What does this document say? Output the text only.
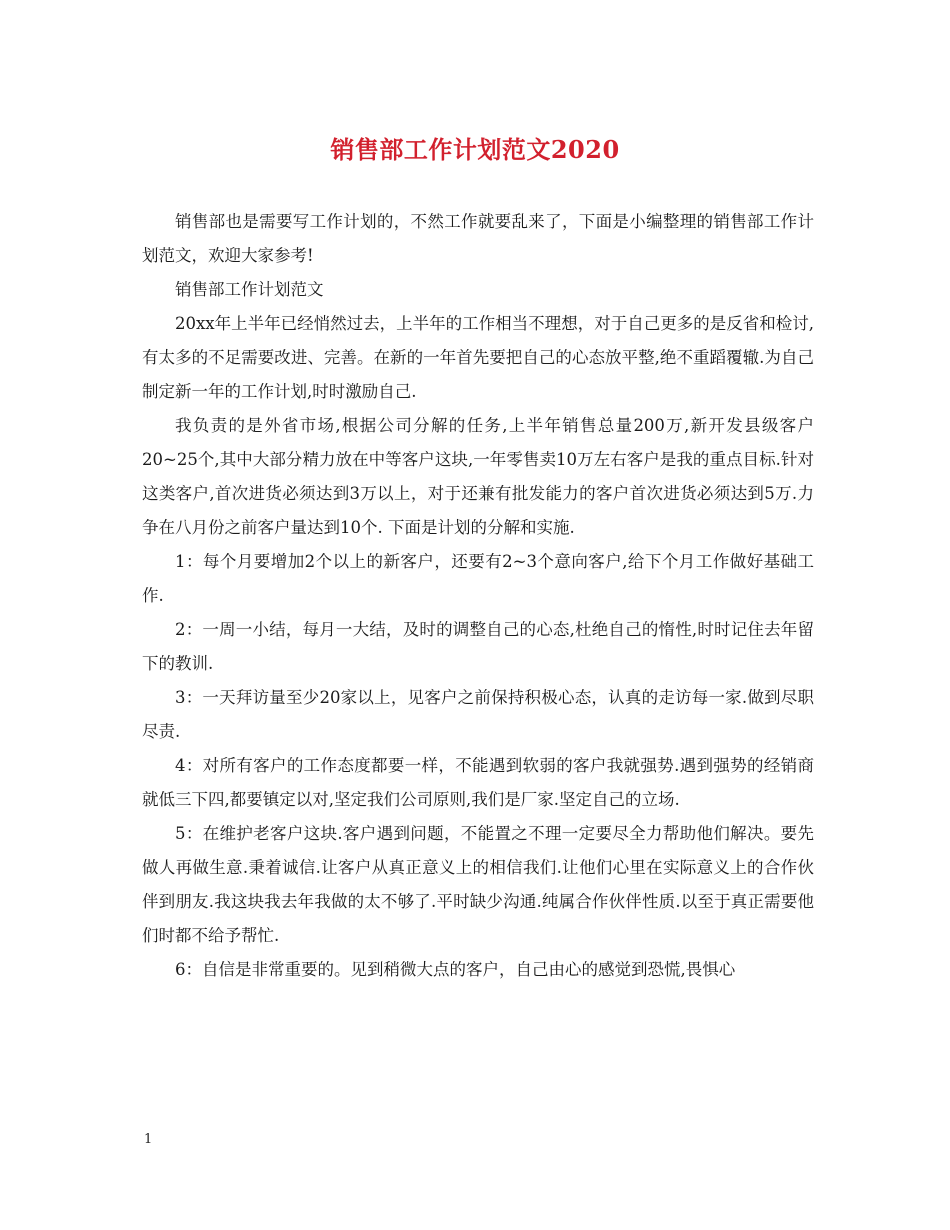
销售部工作计划范文2020

销售部也是需要写工作计划的，不然工作就要乱来了，下面是小编整理的销售部工作计划范文，欢迎大家参考!

销售部工作计划范文

20xx年上半年已经悄然过去，上半年的工作相当不理想，对于自己更多的是反省和检讨,有太多的不足需要改进、完善。在新的一年首先要把自己的心态放平整,绝不重蹈覆辙.为自己制定新一年的工作计划,时时激励自己.

我负责的是外省市场,根据公司分解的任务,上半年销售总量200万,新开发县级客户20~25个,其中大部分精力放在中等客户这块,一年零售卖10万左右客户是我的重点目标.针对这类客户,首次进货必须达到3万以上，对于还兼有批发能力的客户首次进货必须达到5万.力争在八月份之前客户量达到10个. 下面是计划的分解和实施.

1：每个月要增加2个以上的新客户，还要有2~3个意向客户,给下个月工作做好基础工作.

2：一周一小结，每月一大结，及时的调整自己的心态,杜绝自己的惰性,时时记住去年留下的教训.

3：一天拜访量至少20家以上，见客户之前保持积极心态，认真的走访每一家.做到尽职尽责.

4：对所有客户的工作态度都要一样，不能遇到软弱的客户我就强势.遇到强势的经销商就低三下四,都要镇定以对,坚定我们公司原则,我们是厂家.坚定自己的立场.

5：在维护老客户这块.客户遇到问题，不能置之不理一定要尽全力帮助他们解决。要先做人再做生意.秉着诚信.让客户从真正意义上的相信我们.让他们心里在实际意义上的合作伙伴到朋友.我这块我去年我做的太不够了.平时缺少沟通.纯属合作伙伴性质.以至于真正需要他们时都不给予帮忙.

6：自信是非常重要的。见到稍微大点的客户，自己由心的感觉到恐慌,畏惧心

1
